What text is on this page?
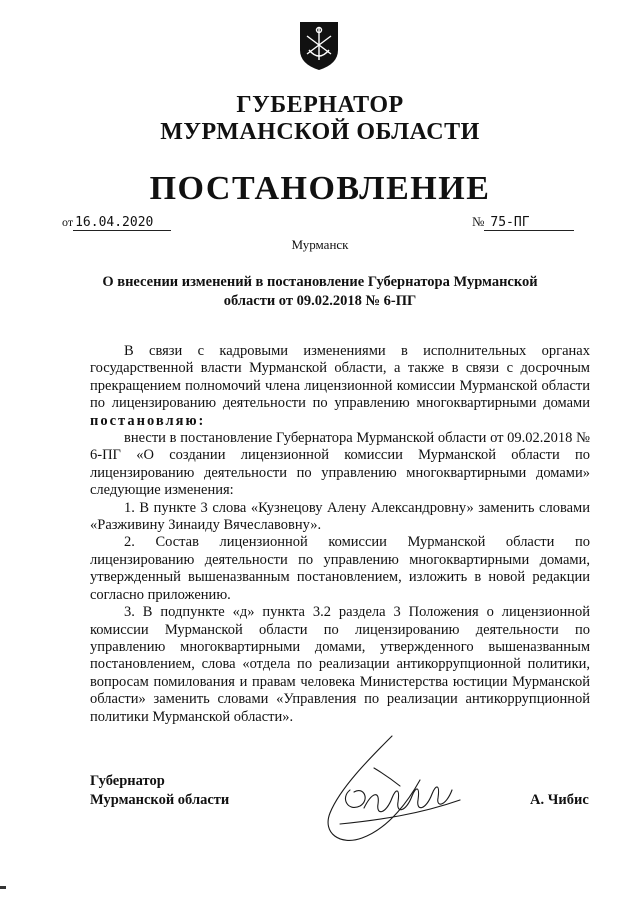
ГУБЕРНАТОР
МУРМАНСКОЙ ОБЛАСТИ
ПОСТАНОВЛЕНИЕ
от 16.04.2020	№ 75-ПГ
Мурманск
О внесении изменений в постановление Губернатора Мурманской
области от 09.02.2018 № 6-ПГ

В связи с кадровыми изменениями в исполнительных органах государственной власти Мурманской области, а также в связи с досрочным прекращением полномочий члена лицензионной комиссии Мурманской области по лицензированию деятельности по управлению многоквартирными домами постановляю:

внести в постановление Губернатора Мурманской области от 09.02.2018 № 6-ПГ «О создании лицензионной комиссии Мурманской области по лицензированию деятельности по управлению многоквартирными домами» следующие изменения:

1. В пункте 3 слова «Кузнецову Алену Александровну» заменить словами «Разживину Зинаиду Вячеславовну».

2. Состав лицензионной комиссии Мурманской области по лицензированию деятельности по управлению многоквартирными домами, утвержденный вышеназванным постановлением, изложить в новой редакции согласно приложению.

3. В подпункте «д» пункта 3.2 раздела 3 Положения о лицензионной комиссии Мурманской области по лицензированию деятельности по управлению многоквартирными домами, утвержденного вышеназванным постановлением, слова «отдела по реализации антикоррупционной политики, вопросам помилования и правам человека Министерства юстиции Мурманской области» заменить словами «Управления по реализации антикоррупционной политики Мурманской области».

Губернатор
Мурманской области	А. Чибис
